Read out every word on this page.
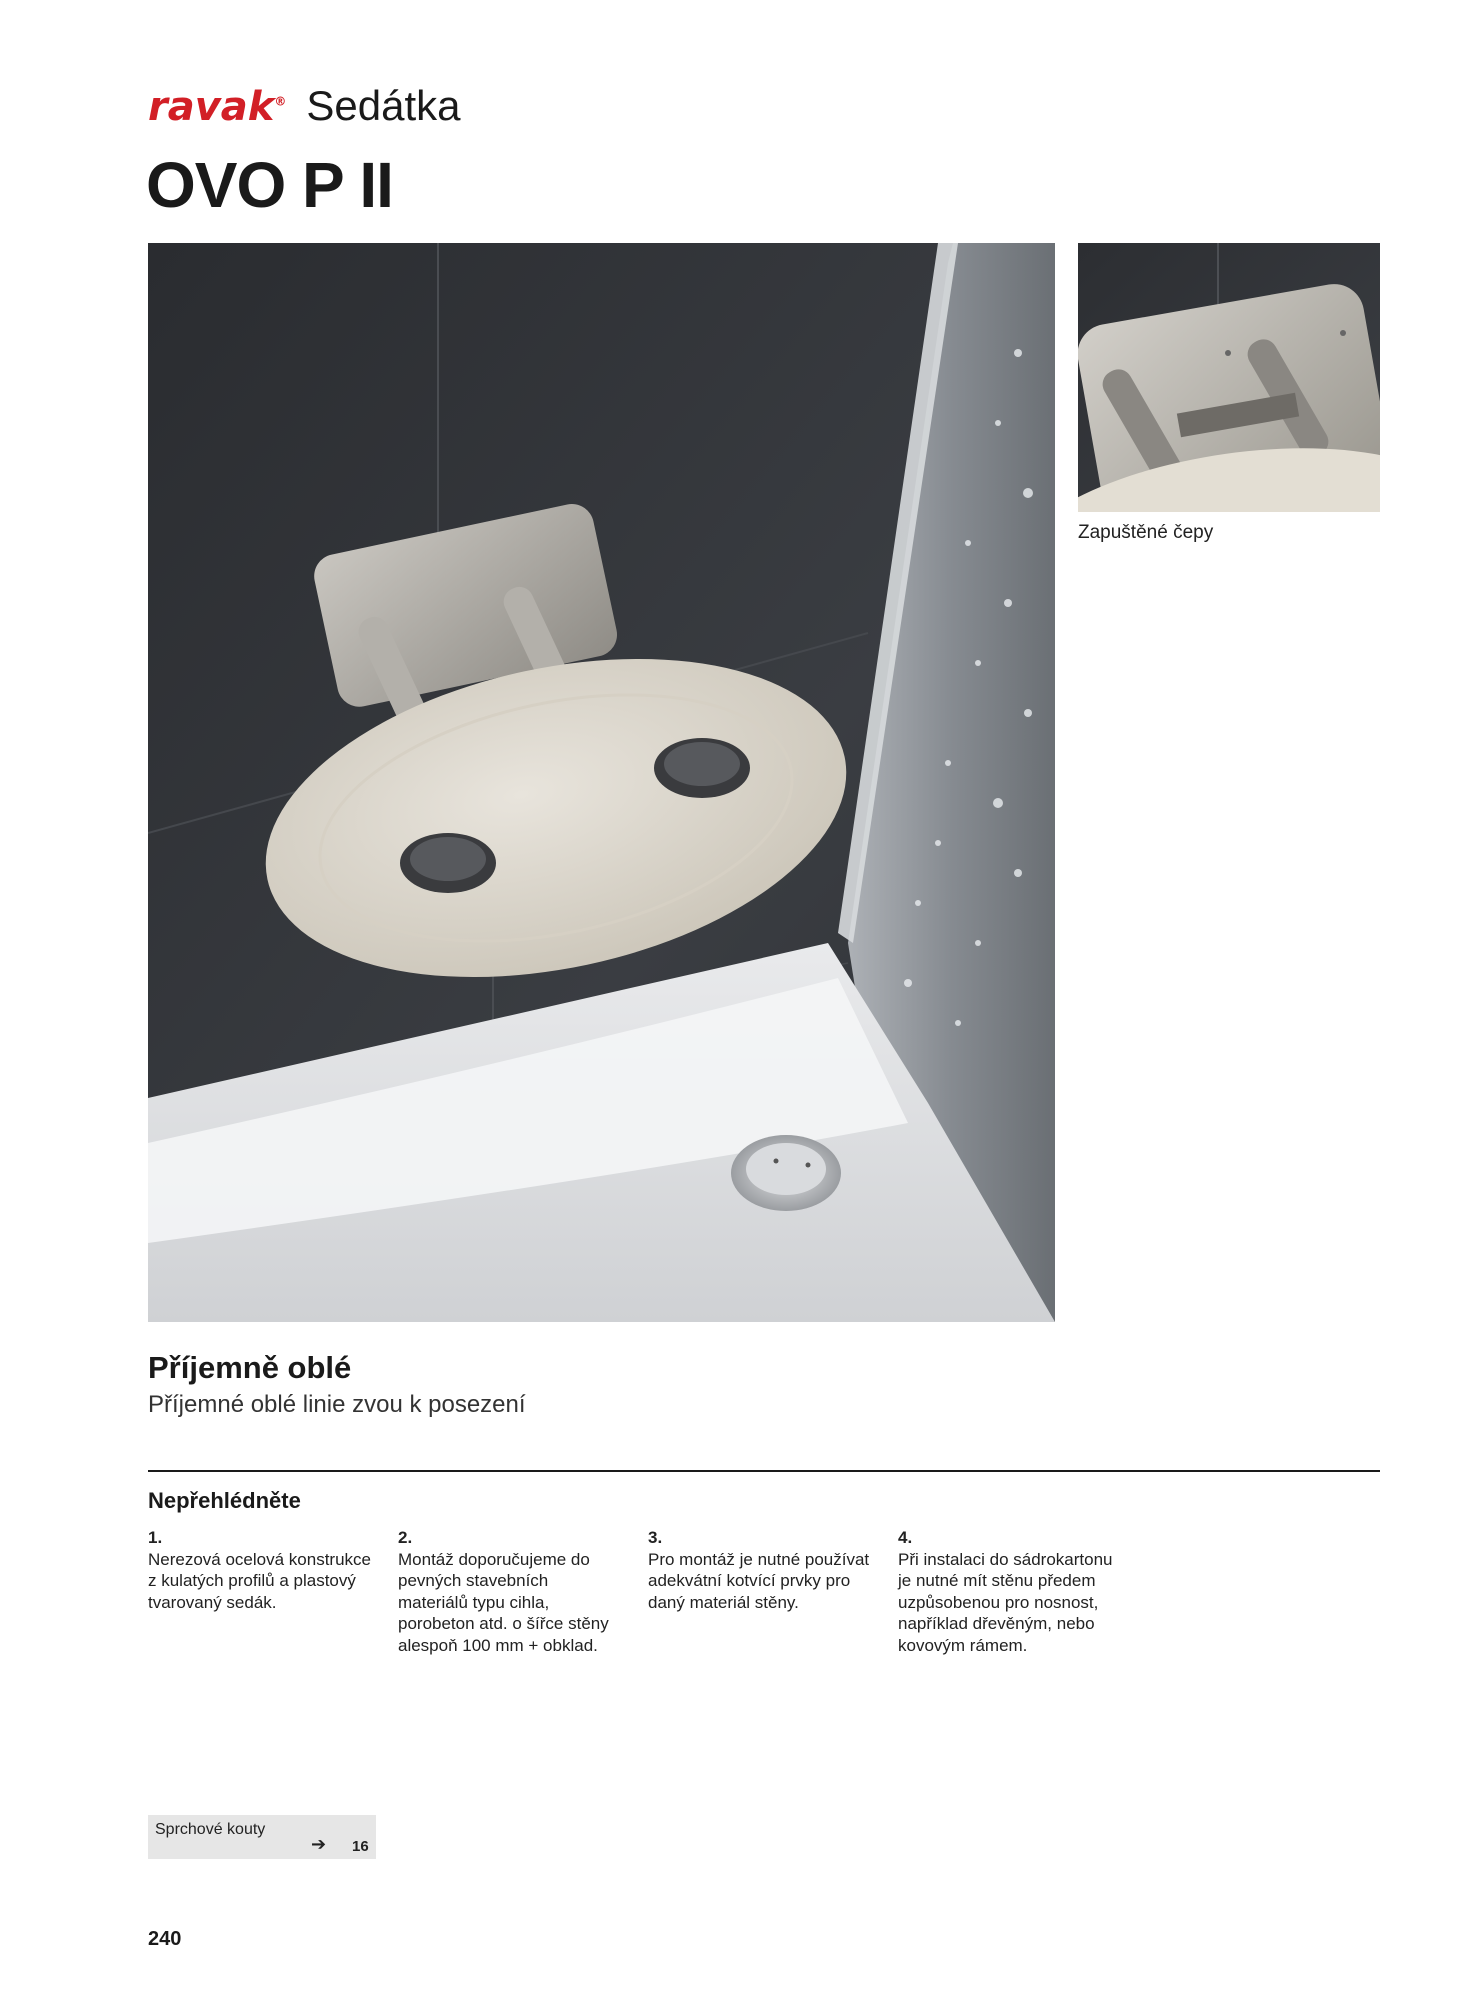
ravak® Sedátka
OVO P II
Zapuštěné čepy
Příjemně oblé
Příjemné oblé linie zvou k posezení
Nepřehlédněte
1.
Nerezová ocelová konstrukce z kulatých profilů a plastový tvarovaný sedák.
2.
Montáž doporučujeme do pevných stavebních materiálů typu cihla, porobeton atd. o šířce stěny alespoň 100 mm + obklad.
3.
Pro montáž je nutné používat adekvátní kotvící prvky pro daný materiál stěny.
4.
Při instalaci do sádrokartonu je nutné mít stěnu předem uzpůsobenou pro nosnost, například dřevěným, nebo kovovým rámem.
Sprchové kouty
➔ 16
240
